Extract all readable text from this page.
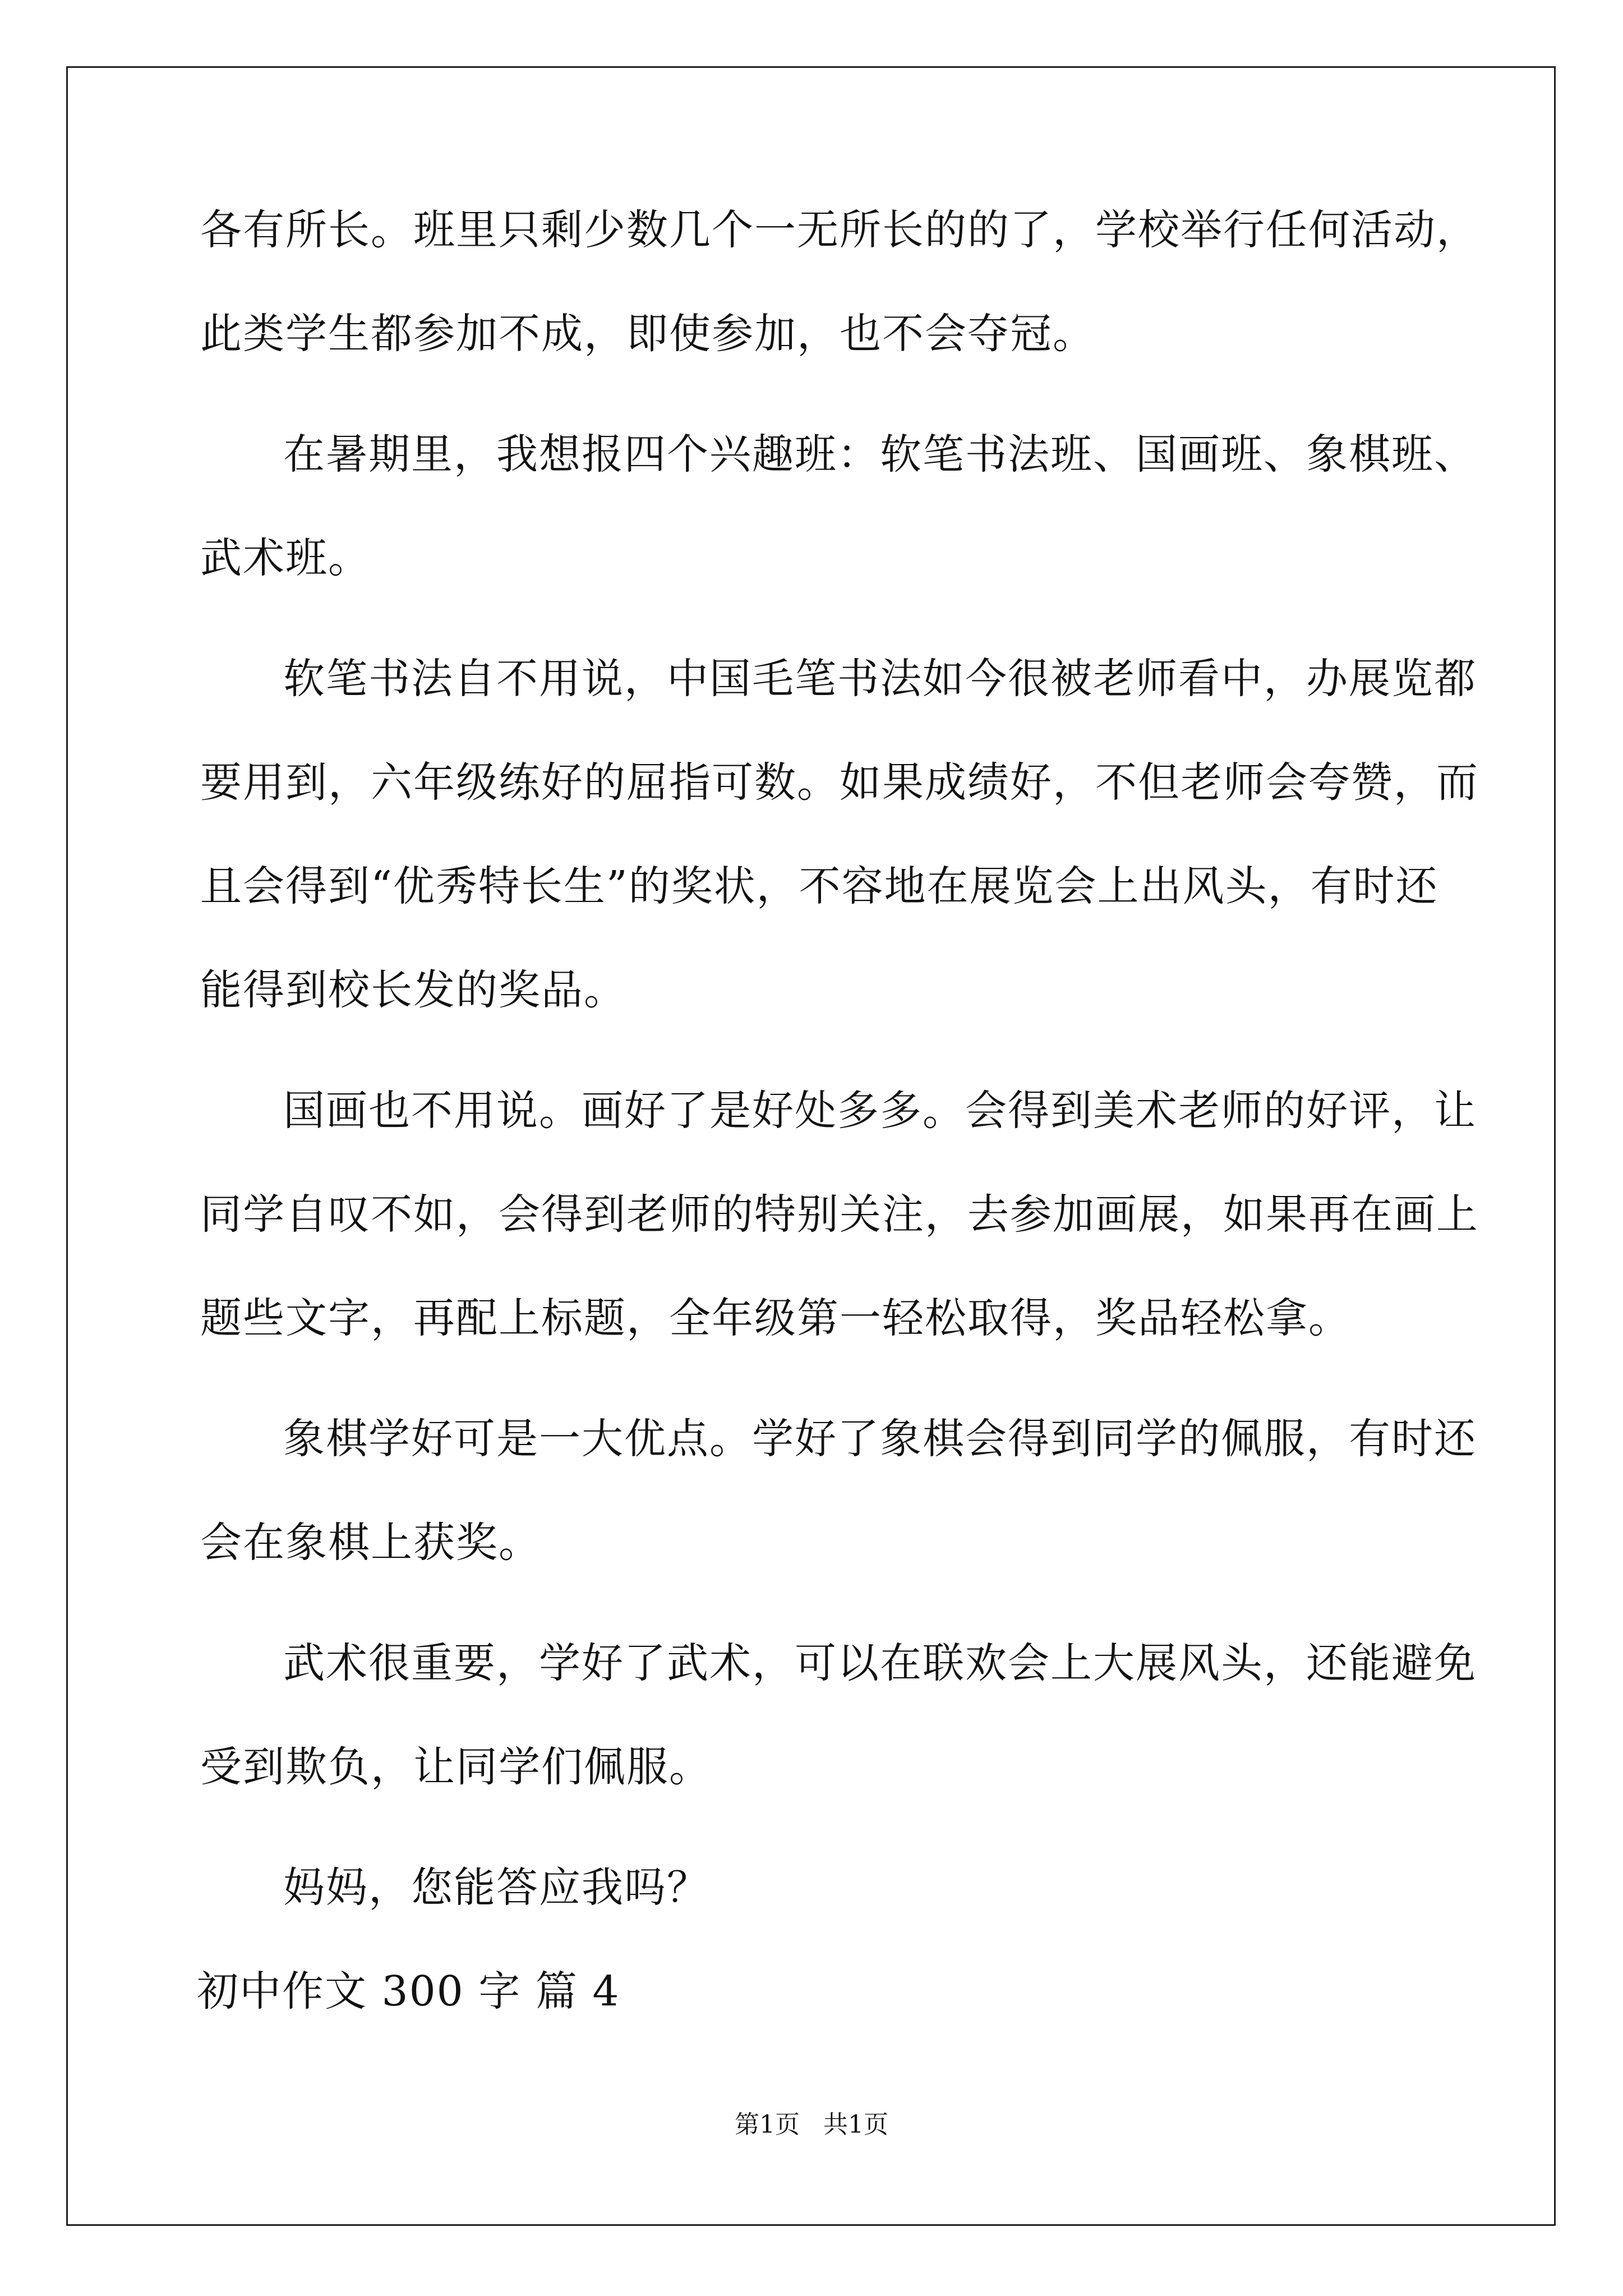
各有所长。班里只剩少数几个一无所长的的了，学校举行任何活动，
此类学生都参加不成，即使参加，也不会夺冠。
在暑期里，我想报四个兴趣班：软笔书法班、国画班、象棋班、
武术班。
软笔书法自不用说，中国毛笔书法如今很被老师看中，办展览都
要用到，六年级练好的屈指可数。如果成绩好，不但老师会夸赞，而
且会得到“优秀特长生”的奖状，不容地在展览会上出风头，有时还
能得到校长发的奖品。
国画也不用说。画好了是好处多多。会得到美术老师的好评，让
同学自叹不如，会得到老师的特别关注，去参加画展，如果再在画上
题些文字，再配上标题，全年级第一轻松取得，奖品轻松拿。
象棋学好可是一大优点。学好了象棋会得到同学的佩服，有时还
会在象棋上获奖。
武术很重要，学好了武术，可以在联欢会上大展风头，还能避免
受到欺负，让同学们佩服。
妈妈，您能答应我吗？
初中作文 300 字 篇 4
第1页 共1页
